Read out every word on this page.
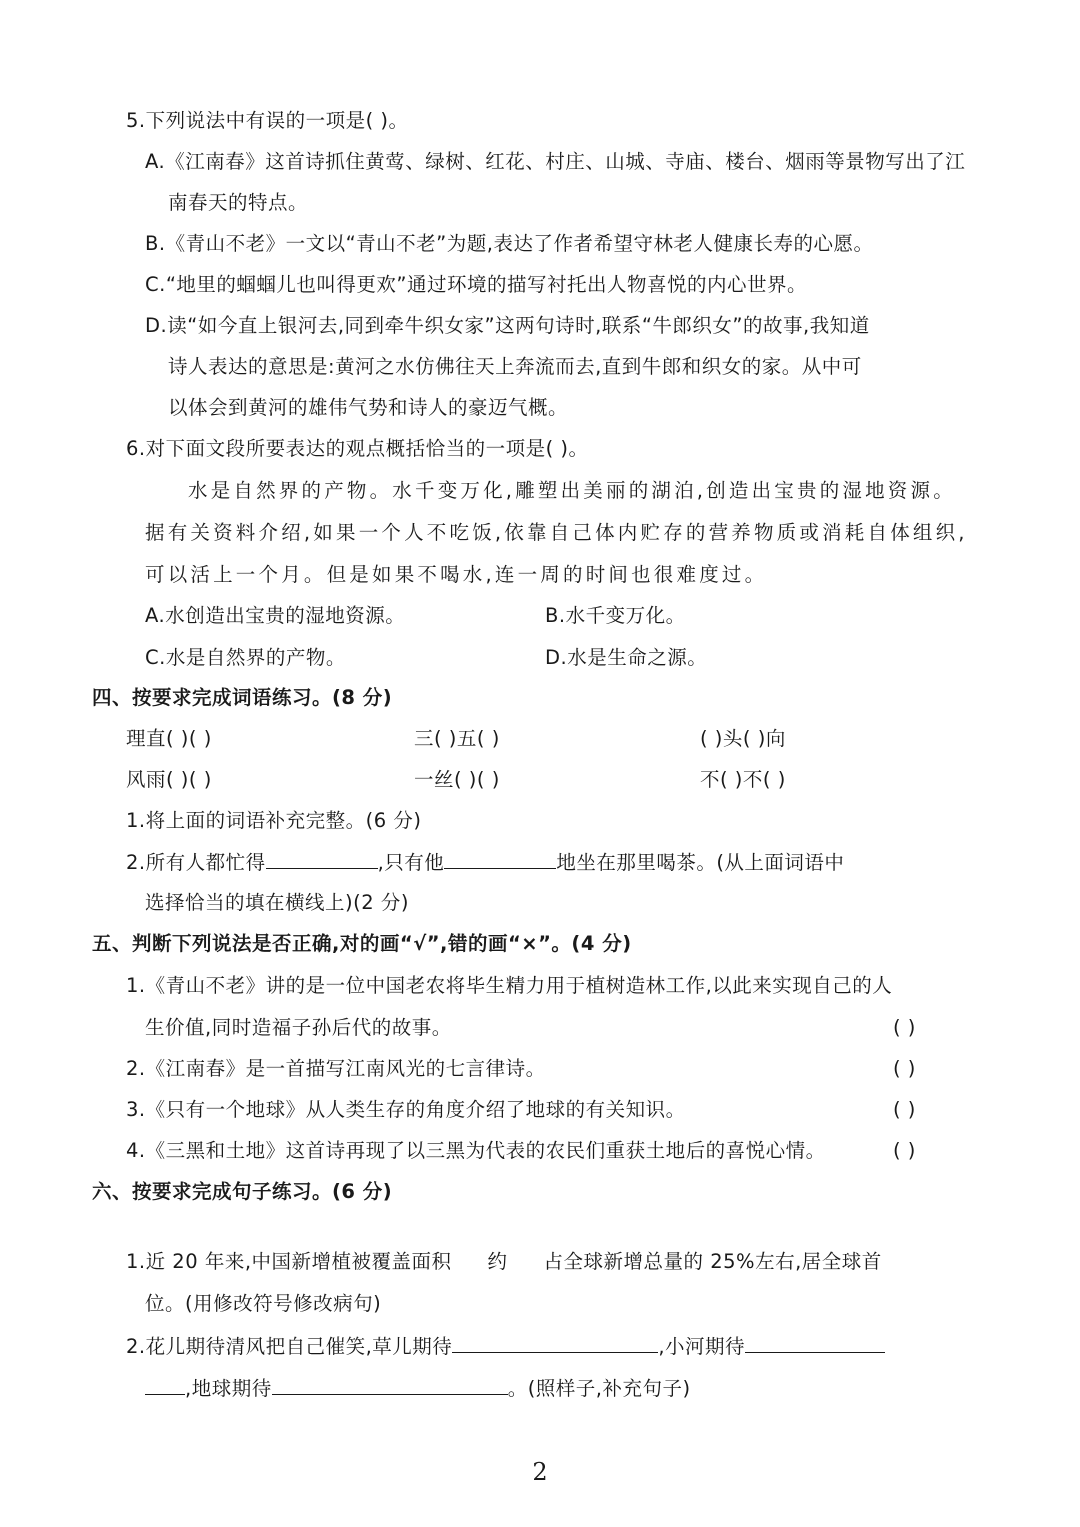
5.下列说法中有误的一项是( )。
A.《江南春》这首诗抓住黄莺、绿树、红花、村庄、山城、寺庙、楼台、烟雨等景物写出了江
南春天的特点。
B.《青山不老》一文以“青山不老”为题,表达了作者希望守林老人健康长寿的心愿。
C.“地里的蝈蝈儿也叫得更欢”通过环境的描写衬托出人物喜悦的内心世界。
D.读“如今直上银河去,同到牵牛织女家”这两句诗时,联系“牛郎织女”的故事,我知道
诗人表达的意思是:黄河之水仿佛往天上奔流而去,直到牛郎和织女的家。从中可
以体会到黄河的雄伟气势和诗人的豪迈气概。
6.对下面文段所要表达的观点概括恰当的一项是( )。
水是自然界的产物。水千变万化,雕塑出美丽的湖泊,创造出宝贵的湿地资源。
据有关资料介绍,如果一个人不吃饭,依靠自己体内贮存的营养物质或消耗自体组织,
可以活上一个月。但是如果不喝水,连一周的时间也很难度过。
A.水创造出宝贵的湿地资源。	B.水千变万化。
C.水是自然界的产物。	D.水是生命之源。
四、按要求完成词语练习。(8 分)
理直( )( )	三( )五( )	( )头( )向
风雨( )( )	一丝( )( )	不( )不( )
1.将上面的词语补充完整。(6 分)
2.所有人都忙得	,只有他	地坐在那里喝茶。(从上面词语中
选择恰当的填在横线上)(2 分)
五、判断下列说法是否正确,对的画“√”,错的画“×”。(4 分)
1.《青山不老》讲的是一位中国老农将毕生精力用于植树造林工作,以此来实现自己的人
生价值,同时造福子孙后代的故事。	( )
2.《江南春》是一首描写江南风光的七言律诗。	( )
3.《只有一个地球》从人类生存的角度介绍了地球的有关知识。	( )
4.《三黑和土地》这首诗再现了以三黑为代表的农民们重获土地后的喜悦心情。	( )
六、按要求完成句子练习。(6 分)
1.近 20 年来,中国新增植被覆盖面积 约 占全球新增总量的 25%左右,居全球首
位。(用修改符号修改病句)
2.花儿期待清风把自己催笑,草儿期待	,小河期待
,地球期待	。(照样子,补充句子)
2
